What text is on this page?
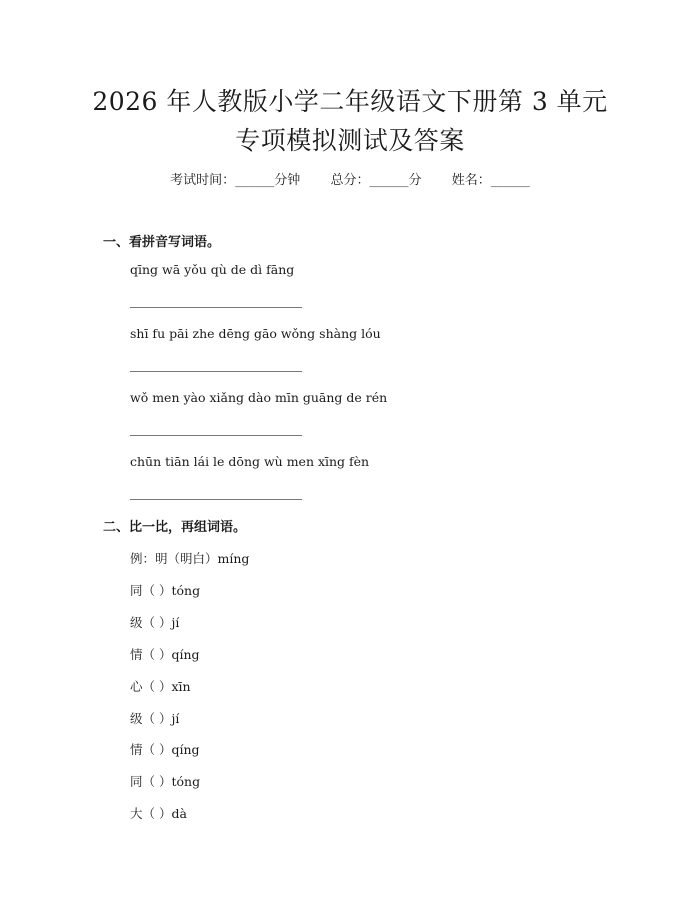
2026 年人教版小学二年级语文下册第 3 单元
专项模拟测试及答案
考试时间：______分钟 总分：______分 姓名：______
一、看拼音写词语。
qīng wā yǒu qù de dì fāng
shī fu pāi zhe dēng gāo wǒng shàng lóu
wǒ men yào xiǎng dào mīn guāng de rén
chūn tiān lái le dōng wù men xīng fèn
二、比一比，再组词语。
例：明（明白）míng
同（ ）tóng
级（ ）jí
情（ ）qíng
心（ ）xīn
级（ ）jí
情（ ）qíng
同（ ）tóng
大（ ）dà
